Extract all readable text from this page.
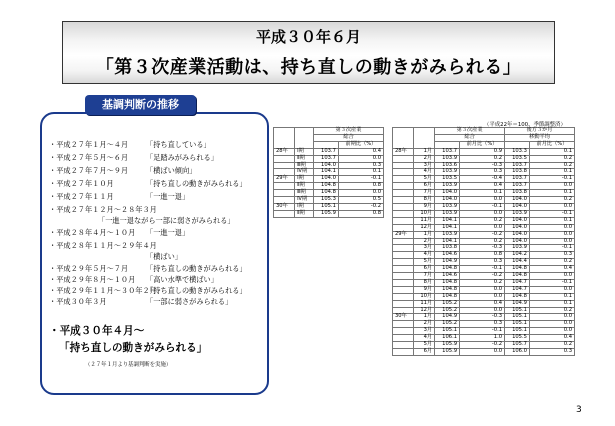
平成３０年６月
「第３次産業活動は、持ち直しの動きがみられる」
基調判断の推移
・平成２７年１月～４月 「持ち直している」
・平成２７年５月～６月 「足踏みがみられる」
・平成２７年７月～９月 「横ばい傾向」
・平成２７年１０月	「持ち直しの動きがみられる」
・平成２７年１１月	「一進一退」
・平成２７年１２月～２８年３月
「一進一退ながら一部に弱さがみられる」
・平成２８年４月～１０月 「一進一退」
・平成２８年１１月～２９年４月
「横ばい」
・平成２９年５月～７月 「持ち直しの動きがみられる」
・平成２９年８月～１０月 「高い水準で横ばい」
・平成２９年１１月～３０年２月
「持ち直しの動きがみられる」
・平成３０年３月	「一部に弱さがみられる」
・平成３０年４月～
「持ち直しの動きがみられる」
（２７年１月より基調判断を実施）
（平成22年＝100、季節調整済）
		第３次産業	
		総合	
			前期比（%）
28年	Ⅰ期	103.7	0.4
	Ⅱ期	103.7	0.0
	Ⅲ期	104.0	0.3
	Ⅳ期	104.1	0.1
29年	Ⅰ期	104.0	-0.1
	Ⅱ期	104.8	0.8
	Ⅲ期	104.8	0.0
	Ⅳ期	105.3	0.5
30年	Ⅰ期	105.1	-0.2
	Ⅱ期	105.9	0.8
		第３次産業		後方３か月	
		総合		移動平均	
			前月比（%）		前月比（%）
28年	1月	103.7	0.9	103.3	0.1
	2月	103.9	0.2	103.5	0.2
	3月	103.6	-0.3	103.7	0.2
	4月	103.9	0.3	103.8	0.1
	5月	103.5	-0.4	103.7	-0.1
	6月	103.9	0.4	103.7	0.0
	7月	104.0	0.1	103.8	0.1
	8月	104.0	0.0	104.0	0.2
	9月	103.9	-0.1	104.0	0.0
	10月	103.9	0.0	103.9	-0.1
	11月	104.1	0.2	104.0	0.1
	12月	104.1	0.0	104.0	0.0
29年	1月	103.9	-0.2	104.0	0.0
	2月	104.1	0.2	104.0	0.0
	3月	103.8	-0.3	103.9	-0.1
	4月	104.6	0.8	104.2	0.3
	5月	104.9	0.3	104.4	0.2
	6月	104.8	-0.1	104.8	0.4
	7月	104.6	-0.2	104.8	0.0
	8月	104.8	0.2	104.7	-0.1
	9月	104.8	0.0	104.7	0.0
	10月	104.8	0.0	104.8	0.1
	11月	105.2	0.4	104.9	0.1
	12月	105.2	0.0	105.1	0.2
30年	1月	104.9	-0.3	105.1	0.0
	2月	105.2	0.3	105.1	0.0
	3月	105.1	-0.1	105.1	0.0
	4月	106.1	1.0	105.5	0.4
	5月	105.9	-0.2	105.7	0.2
	6月	105.9	0.0	106.0	0.3
3
